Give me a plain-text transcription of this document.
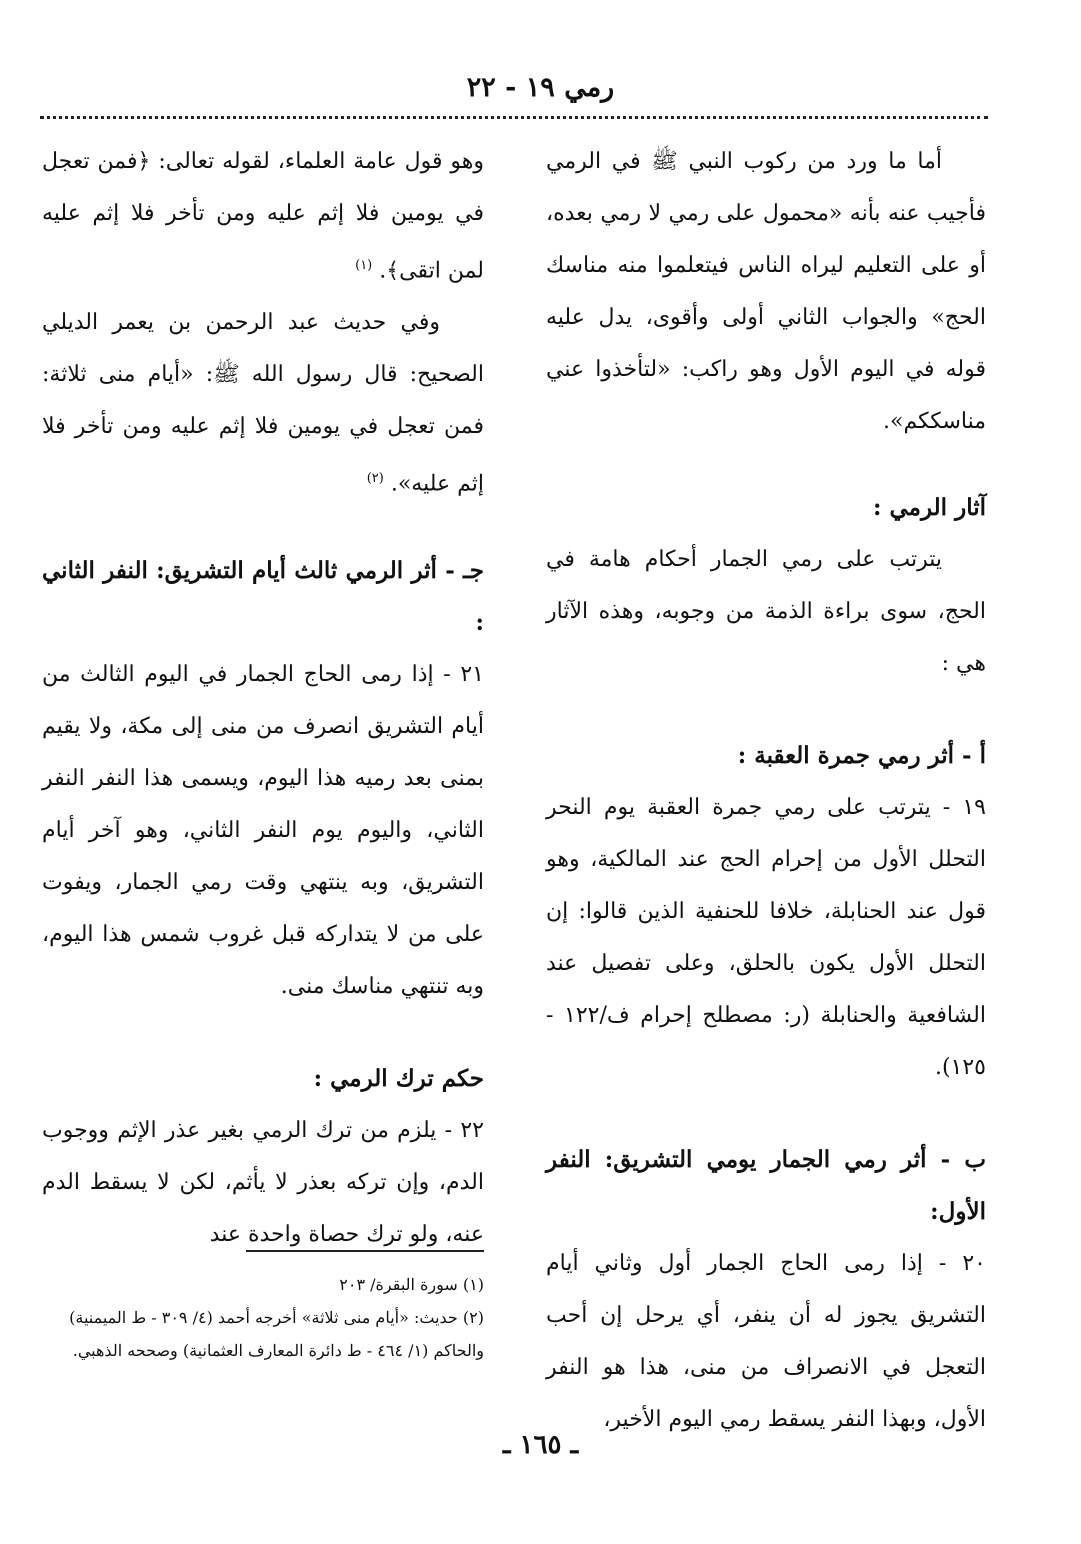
رمي ١٩ - ٢٢

أما ما ورد من ركوب النبي ﷺ في الرمي فأجيب عنه بأنه «محمول على رمي لا رمي بعده، أو على التعليم ليراه الناس فيتعلموا منه مناسك الحج» والجواب الثاني أولى وأقوى، يدل عليه قوله في اليوم الأول وهو راكب: «لتأخذوا عني مناسككم».

آثار الرمي :

يترتب على رمي الجمار أحكام هامة في الحج، سوى براءة الذمة من وجوبه، وهذه الآثار هي :

أ - أثر رمي جمرة العقبة :

١٩ - يترتب على رمي جمرة العقبة يوم النحر التحلل الأول من إحرام الحج عند المالكية، وهو قول عند الحنابلة، خلافا للحنفية الذين قالوا: إن التحلل الأول يكون بالحلق، وعلى تفصيل عند الشافعية والحنابلة (ر: مصطلح إحرام ف/١٢٢ - ١٢٥).

ب - أثر رمي الجمار يومي التشريق: النفر الأول:

٢٠ - إذا رمى الحاج الجمار أول وثاني أيام التشريق يجوز له أن ينفر، أي يرحل إن أحب التعجل في الانصراف من منى، هذا هو النفر الأول، وبهذا النفر يسقط رمي اليوم الأخير،

وهو قول عامة العلماء، لقوله تعالى: ﴿فمن تعجل في يومين فلا إثم عليه ومن تأخر فلا إثم عليه لمن اتقى﴾. $^{(١)}$

وفي حديث عبد الرحمن بن يعمر الديلي الصحيح: قال رسول الله ﷺ: «أيام منى ثلاثة: فمن تعجل في يومين فلا إثم عليه ومن تأخر فلا إثم عليه». $^{(٢)}$

جـ - أثر الرمي ثالث أيام التشريق: النفر الثاني :

٢١ - إذا رمى الحاج الجمار في اليوم الثالث من أيام التشريق انصرف من منى إلى مكة، ولا يقيم بمنى بعد رميه هذا اليوم، ويسمى هذا النفر النفر الثاني، واليوم يوم النفر الثاني، وهو آخر أيام التشريق، وبه ينتهي وقت رمي الجمار، ويفوت على من لا يتداركه قبل غروب شمس هذا اليوم، وبه تنتهي مناسك منى.

حكم ترك الرمي :

٢٢ - يلزم من ترك الرمي بغير عذر الإثم ووجوب الدم، وإن تركه بعذر لا يأثم، لكن لا يسقط الدم عنه، ولو ترك حصاة واحدة عند

(١) سورة البقرة/ ٢٠٣

(٢) حديث: «أيام منى ثلاثة» أخرجه أحمد (٤/ ٣٠٩ - ط الميمنية) والحاكم (١/ ٤٦٤ - ط دائرة المعارف العثمانية) وصححه الذهبي.

ـ ١٦٥ ـ
